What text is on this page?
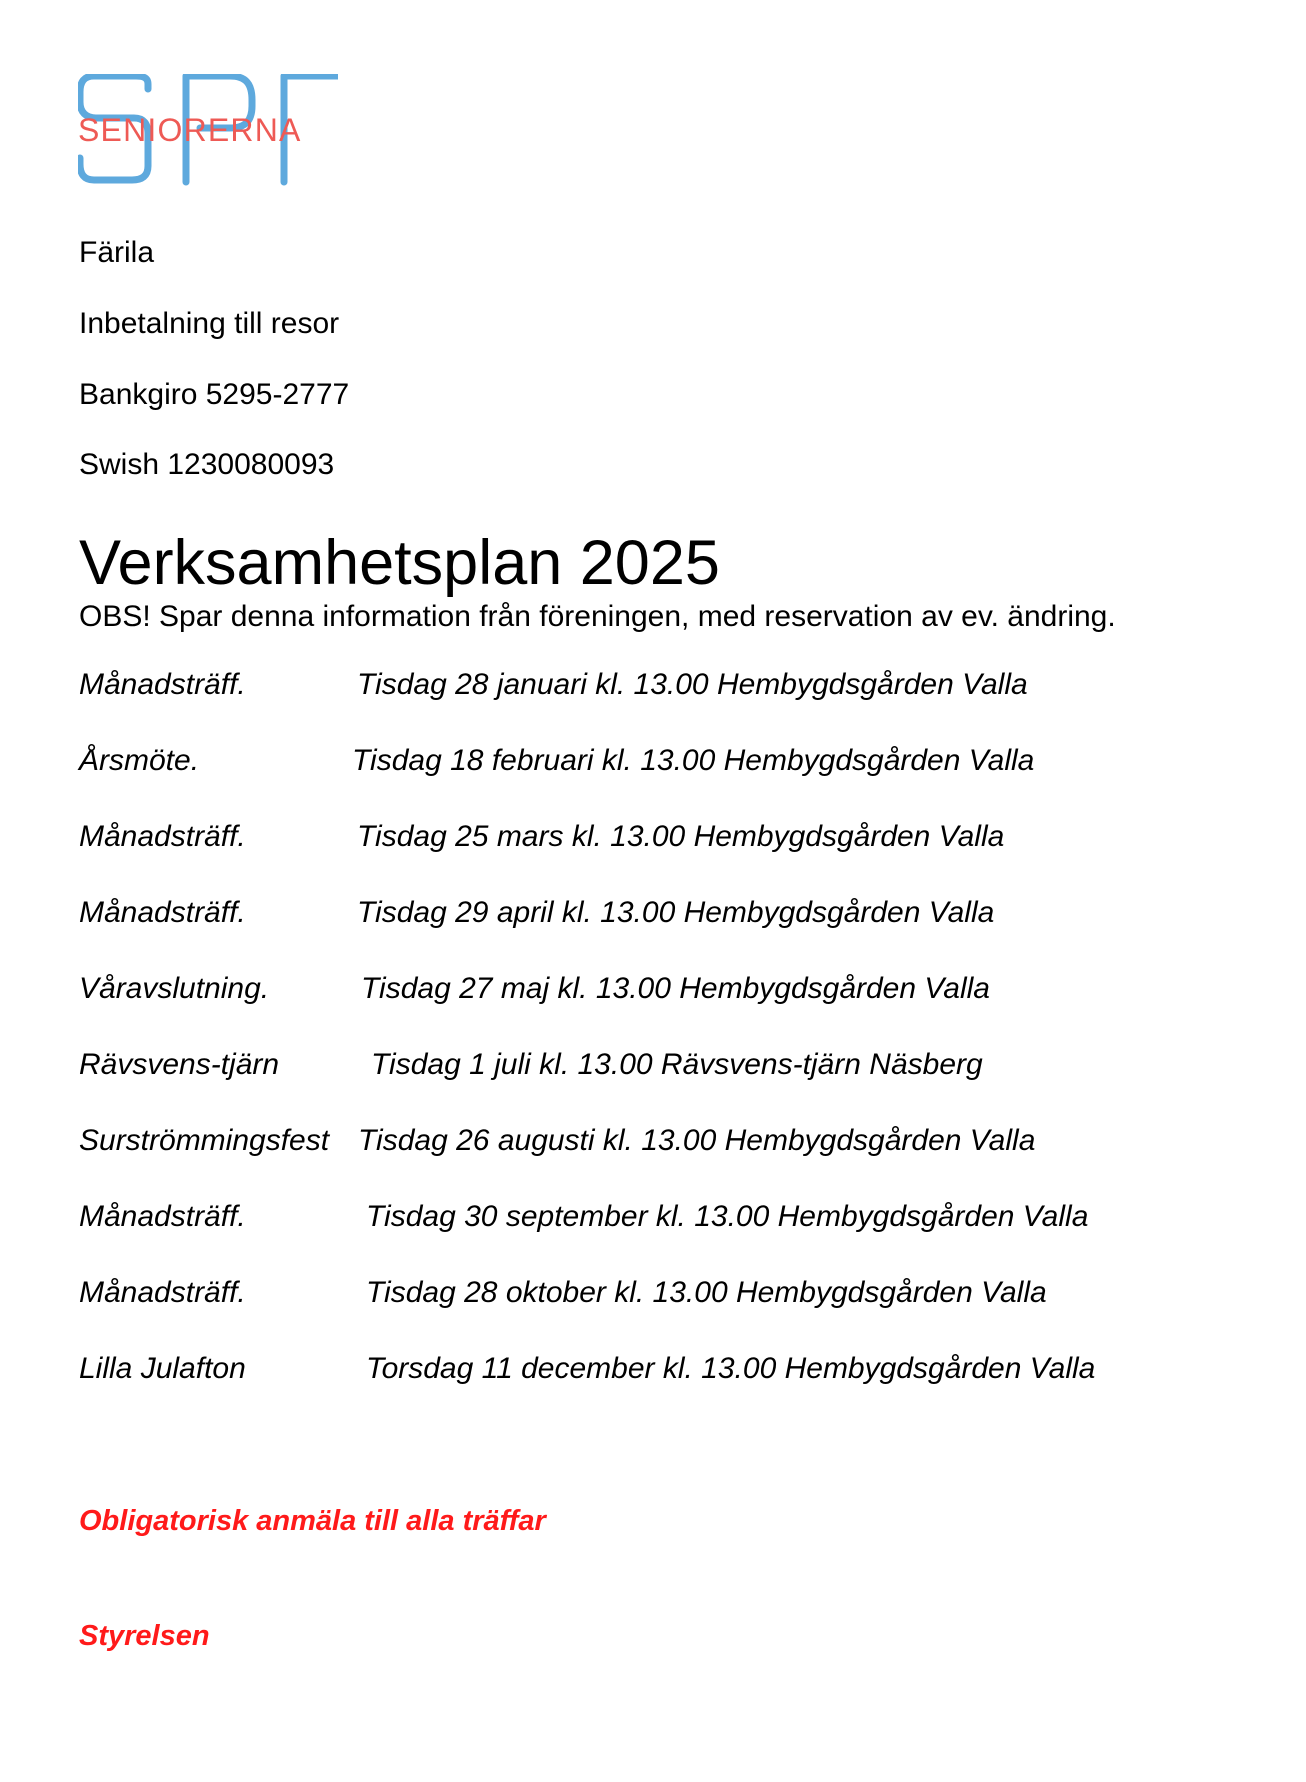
SENIORERNA
Färila
Inbetalning till resor
Bankgiro 5295-2777
Swish 1230080093
Verksamhetsplan 2025
OBS! Spar denna information från föreningen, med reservation av ev. ändring.
Månadsträff.	Tisdag 28 januari kl. 13.00 Hembygdsgården Valla
Årsmöte.	Tisdag 18 februari kl. 13.00 Hembygdsgården Valla
Månadsträff.	Tisdag 25 mars kl. 13.00 Hembygdsgården Valla
Månadsträff.	Tisdag 29 april kl. 13.00 Hembygdsgården Valla
Våravslutning.	Tisdag 27 maj kl. 13.00 Hembygdsgården Valla
Rävsvens-tjärn	Tisdag 1 juli kl. 13.00 Rävsvens-tjärn Näsberg
Surströmmingsfest Tisdag 26 augusti kl. 13.00 Hembygdsgården Valla
Månadsträff.	Tisdag 30 september kl. 13.00 Hembygdsgården Valla
Månadsträff.	Tisdag 28 oktober kl. 13.00 Hembygdsgården Valla
Lilla Julafton	Torsdag 11 december kl. 13.00 Hembygdsgården Valla
Obligatorisk anmäla till alla träffar
Styrelsen
